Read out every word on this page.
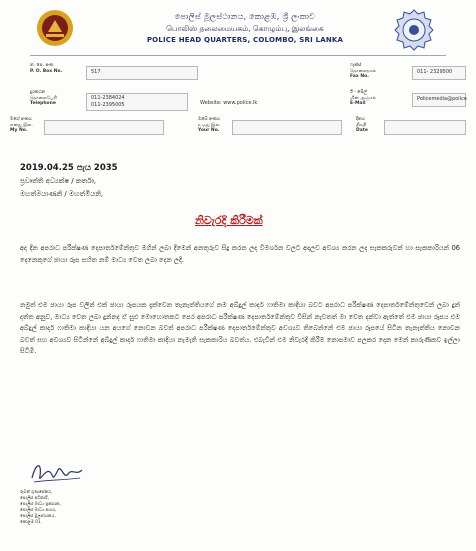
පොලිස් මූලස්ථානය, කොළඹ, ශ්‍රී ලංකාව
பொலிஸ் தலைமையகம், கொழும்பு, இலங்கை
POLICE HEAD QUARTERS, COLOMBO, SRI LANKA
ත. පෙ. අංක.
P. O. Box No.	517
ෆැක්ස්
தொலைநகல்
Fax No.
011- 2329500
දුරකථන
தொலைபேசி
Telephone
011-2384024
011-2395005	Website: www.police.lk
ඊ - මේල්
மின் அஞ்சல்
E-Mail
Policemedia@police
මගේ අංකය
எனது இல.
My No.
ඔබේ අංකය
உமது இல.
Your No.
දිනය
திகதி
Date
2019.04.25 පැය 2035
ප්‍රවෘත්ති අධ්‍යක්ෂ / කර්තෘ,
මහත්මයාණනි / මහත්මියනි,
නිවැරදි කිරීමක්
අද දින අපරාධ පරීක්ෂණ දෙපාර්තමේන්තුව මගින් ලබා දීමෙන් අනතුරුව සිදු කරන ලද විමර්ශන වලට අදාලව අවශ්‍ය කරන ලද සැකකරුවන් හා සැකකාරියන් 06 දෙනෙකුගේ ඡායා රූප සහිත නම් මාධ්‍ය වෙත ලබා දෙන ලදි.
නමුත් එම ඡායා රූප වලින් එක් ඡායා රූපයක දැක්වෙන තැනැත්තියගේ නම අබ්දුල් කාදර් ෆාතිමා කාදියා බවට අපරාධ පරීක්ෂණ දෙපාර්තමේන්තුවෙන් ලබා දුන් දත්ත අනුව, මාධ්‍ය වෙත ලබා දුන්නද ඒ සුළු මොහොතකට පෙර අපරාධ පරීක්ෂණ දෙපාර්තමේන්තුව විසින් නැවතත් මා වෙත දන්වා ඇත්තේ එම ඡායා රූපය එම අබ්දුල් කාදර් ෆාතිමා කාදියා යන අයගේ නොවන බවත් අපරාධ පරීක්ෂණ දෙපාර්තමේන්තුව අවශ්‍යව තිබෙන්නේ එම ඡායා රූපයේ සිටින තැනැත්තිය නොවන බවත් සහ අවශ්‍යව සිටින්නේ අබ්දුල් කාදර් ෆාතිමා කාදියා නැමැති සැකකාරිය බවත්ය. එබැවින් එම නිවැරදි කිරීම නොපමාව පලකර දෙන මෙන් කාරුණිකව ඉල්ලා සිටිමි.
රුවන් ගුණසේකර,
පොලිස් අධිකාරී,
පොලිස් මාධ්‍ය ප්‍රකාශක,
පොලිස් මාධ්‍ය අංශය,
පොලිස් මූලස්ථානය,
කොළඹ 01.
